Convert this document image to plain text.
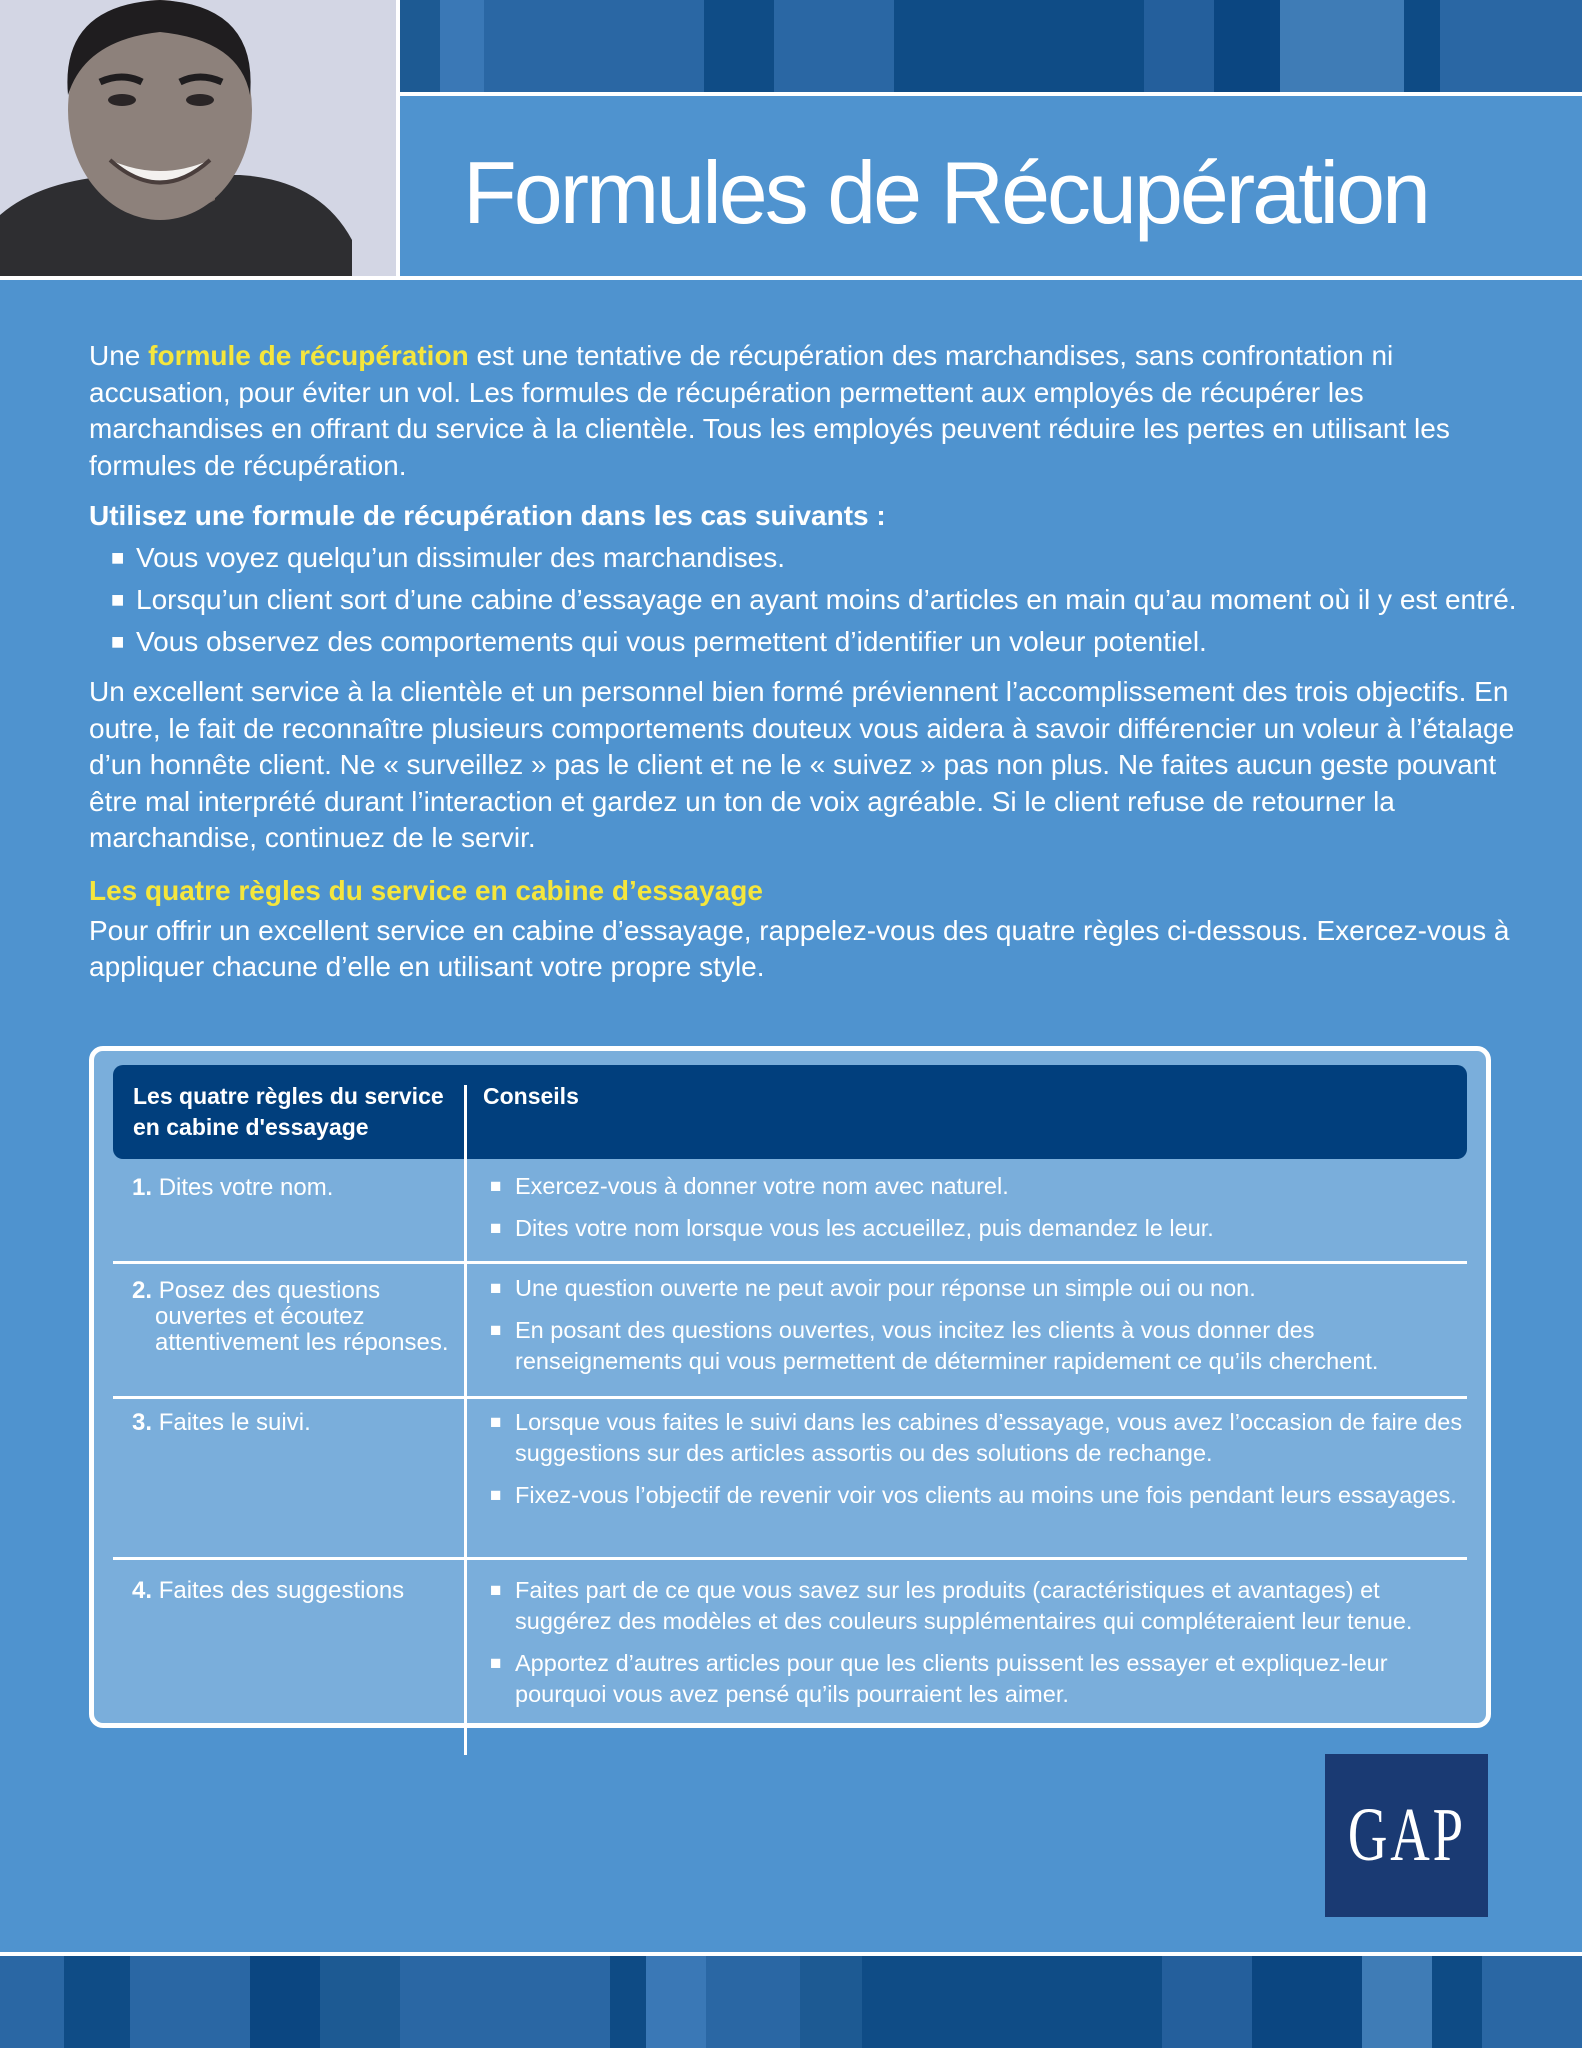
Formules de Récupération

Une formule de récupération est une tentative de récupération des marchandises, sans confrontation ni accusation, pour éviter un vol. Les formules de récupération permettent aux employés de récupérer les marchandises en offrant du service à la clientèle. Tous les employés peuvent réduire les pertes en utilisant les formules de récupération.

Utilisez une formule de récupération dans les cas suivants :
■ Vous voyez quelqu’un dissimuler des marchandises.
■ Lorsqu’un client sort d’une cabine d’essayage en ayant moins d’articles en main qu’au moment où il y est entré.
■ Vous observez des comportements qui vous permettent d’identifier un voleur potentiel.

Un excellent service à la clientèle et un personnel bien formé préviennent l’accomplissement des trois objectifs. En outre, le fait de reconnaître plusieurs comportements douteux vous aidera à savoir différencier un voleur à l’étalage d’un honnête client. Ne « surveillez » pas le client et ne le « suivez » pas non plus. Ne faites aucun geste pouvant être mal interprété durant l’interaction et gardez un ton de voix agréable. Si le client refuse de retourner la marchandise, continuez de le servir.

Les quatre règles du service en cabine d’essayage

Pour offrir un excellent service en cabine d’essayage, rappelez-vous des quatre règles ci-dessous. Exercez-vous à appliquer chacune d’elle en utilisant votre propre style.

Les quatre règles du service en cabine d'essayage
Conseils
1. Dites votre nom.	■ Exercez-vous à donner votre nom avec naturel.
■ Dites votre nom lorsque vous les accueillez, puis demandez le leur.
2. Posez des questions ouvertes et écoutez attentivement les réponses.
■ Une question ouverte ne peut avoir pour réponse un simple oui ou non.
■ En posant des questions ouvertes, vous incitez les clients à vous donner des renseignements qui vous permettent de déterminer rapidement ce qu’ils cherchent.
3. Faites le suivi.	■ Lorsque vous faites le suivi dans les cabines d’essayage, vous avez l’occasion de faire des suggestions sur des articles assortis ou des solutions de rechange.
■ Fixez-vous l’objectif de revenir voir vos clients au moins une fois pendant leurs essayages.
4. Faites des suggestions	■ Faites part de ce que vous savez sur les produits (caractéristiques et avantages) et suggérez des modèles et des couleurs supplémentaires qui compléteraient leur tenue.
■ Apportez d’autres articles pour que les clients puissent les essayer et expliquez-leur pourquoi vous avez pensé qu’ils pourraient les aimer.
GAP
